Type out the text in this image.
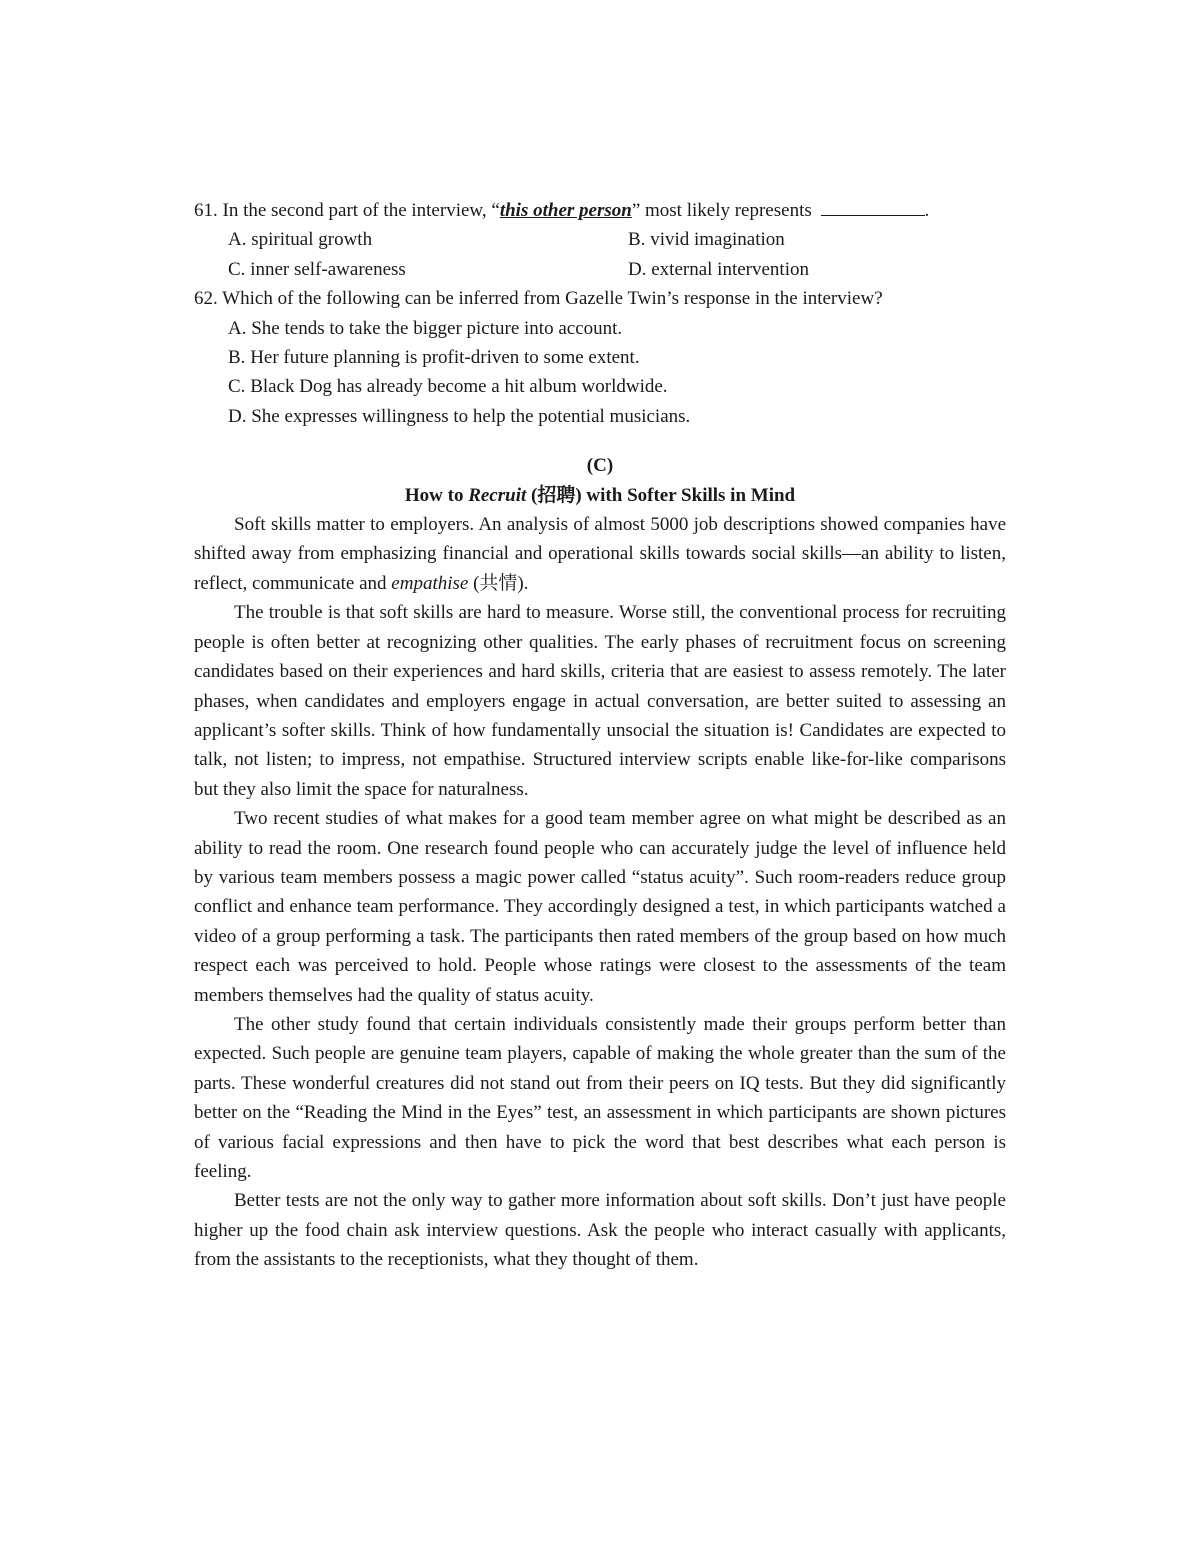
61. In the second part of the interview, “this other person” most likely represents	.
A. spiritual growth	B. vivid imagination
C. inner self-awareness	D. external intervention
62. Which of the following can be inferred from Gazelle Twin’s response in the interview?
A. She tends to take the bigger picture into account.
B. Her future planning is profit-driven to some extent.
C. Black Dog has already become a hit album worldwide.
D. She expresses willingness to help the potential musicians.
(C)
How to Recruit (招聘) with Softer Skills in Mind

Soft skills matter to employers. An analysis of almost 5000 job descriptions showed companies have shifted away from emphasizing financial and operational skills towards social skills—an ability to listen, reflect, communicate and empathise (共情).

The trouble is that soft skills are hard to measure. Worse still, the conventional process for recruiting people is often better at recognizing other qualities. The early phases of recruitment focus on screening candidates based on their experiences and hard skills, criteria that are easiest to assess remotely. The later phases, when candidates and employers engage in actual conversation, are better suited to assessing an applicant’s softer skills. Think of how fundamentally unsocial the situation is! Candidates are expected to talk, not listen; to impress, not empathise. Structured interview scripts enable like-for-like comparisons but they also limit the space for naturalness.

Two recent studies of what makes for a good team member agree on what might be described as an ability to read the room. One research found people who can accurately judge the level of influence held by various team members possess a magic power called “status acuity”. Such room-readers reduce group conflict and enhance team performance. They accordingly designed a test, in which participants watched a video of a group performing a task. The participants then rated members of the group based on how much respect each was perceived to hold. People whose ratings were closest to the assessments of the team members themselves had the quality of status acuity.

The other study found that certain individuals consistently made their groups perform better than expected. Such people are genuine team players, capable of making the whole greater than the sum of the parts. These wonderful creatures did not stand out from their peers on IQ tests. But they did significantly better on the “Reading the Mind in the Eyes” test, an assessment in which participants are shown pictures of various facial expressions and then have to pick the word that best describes what each person is feeling.

Better tests are not the only way to gather more information about soft skills. Don’t just have people higher up the food chain ask interview questions. Ask the people who interact casually with applicants, from the assistants to the receptionists, what they thought of them.
